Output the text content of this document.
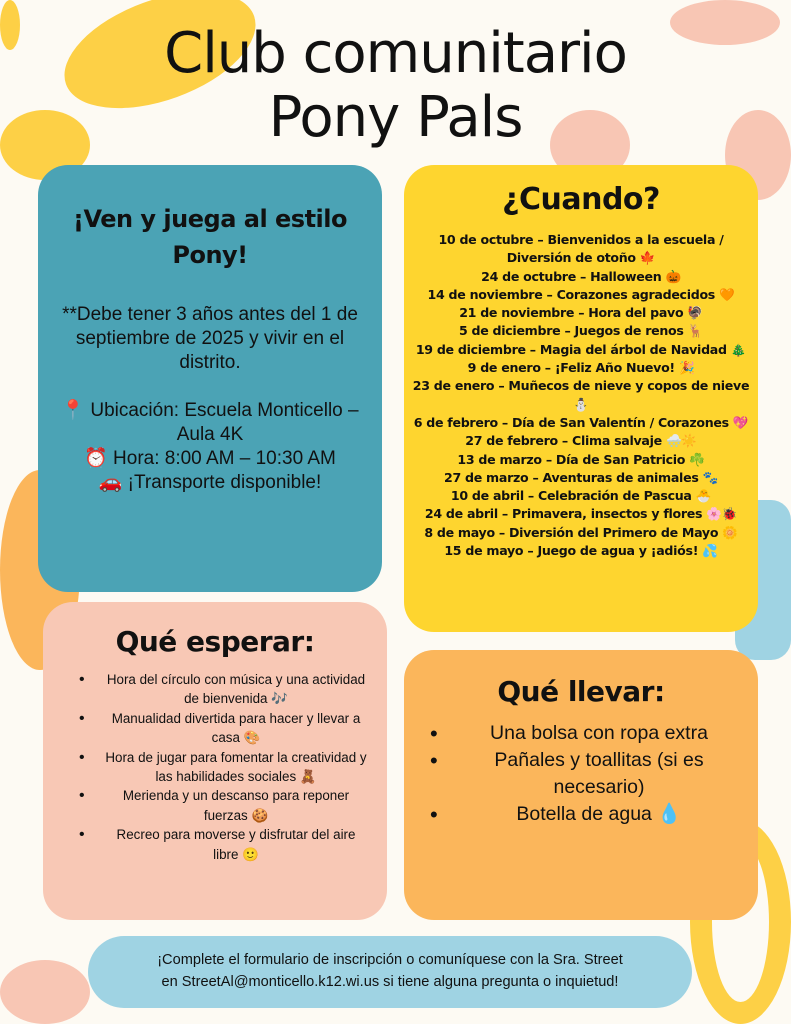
Club comunitario
Pony Pals
¡Ven y juega al estilo Pony!

**Debe tener 3 años antes del 1 de septiembre de 2025 y vivir en el distrito.

📍 Ubicación: Escuela Monticello – Aula 4K
⏰ Hora: 8:00 AM – 10:30 AM
🚗 ¡Transporte disponible!

¿Cuando?
10 de octubre – Bienvenidos a la escuela / Diversión de otoño 🍁
24 de octubre – Halloween 🎃
14 de noviembre – Corazones agradecidos 🧡
21 de noviembre – Hora del pavo 🦃
5 de diciembre – Juegos de renos 🦌
19 de diciembre – Magia del árbol de Navidad 🎄
9 de enero – ¡Feliz Año Nuevo! 🎉
23 de enero – Muñecos de nieve y copos de nieve ⛄
6 de febrero – Día de San Valentín / Corazones 💖
27 de febrero – Clima salvaje 🌨️☀️
13 de marzo – Día de San Patricio ☘️
27 de marzo – Aventuras de animales 🐾
10 de abril – Celebración de Pascua 🐣
24 de abril – Primavera, insectos y flores 🌸🐞
8 de mayo – Diversión del Primero de Mayo 🌼
15 de mayo – Juego de agua y ¡adiós! 💦
Qué esperar:
• Hora del círculo con música y una actividad de bienvenida 🎶
• Manualidad divertida para hacer y llevar a casa 🎨
• Hora de jugar para fomentar la creatividad y las habilidades sociales 🧸
• Merienda y un descanso para reponer fuerzas 🍪
• Recreo para moverse y disfrutar del aire libre 🙂
Qué llevar:
• Una bolsa con ropa extra
• Pañales y toallitas (si es necesario)
• Botella de agua 💧
¡Complete el formulario de inscripción o comuníquese con la Sra. Street
en StreetAl@monticello.k12.wi.us si tiene alguna pregunta o inquietud!
